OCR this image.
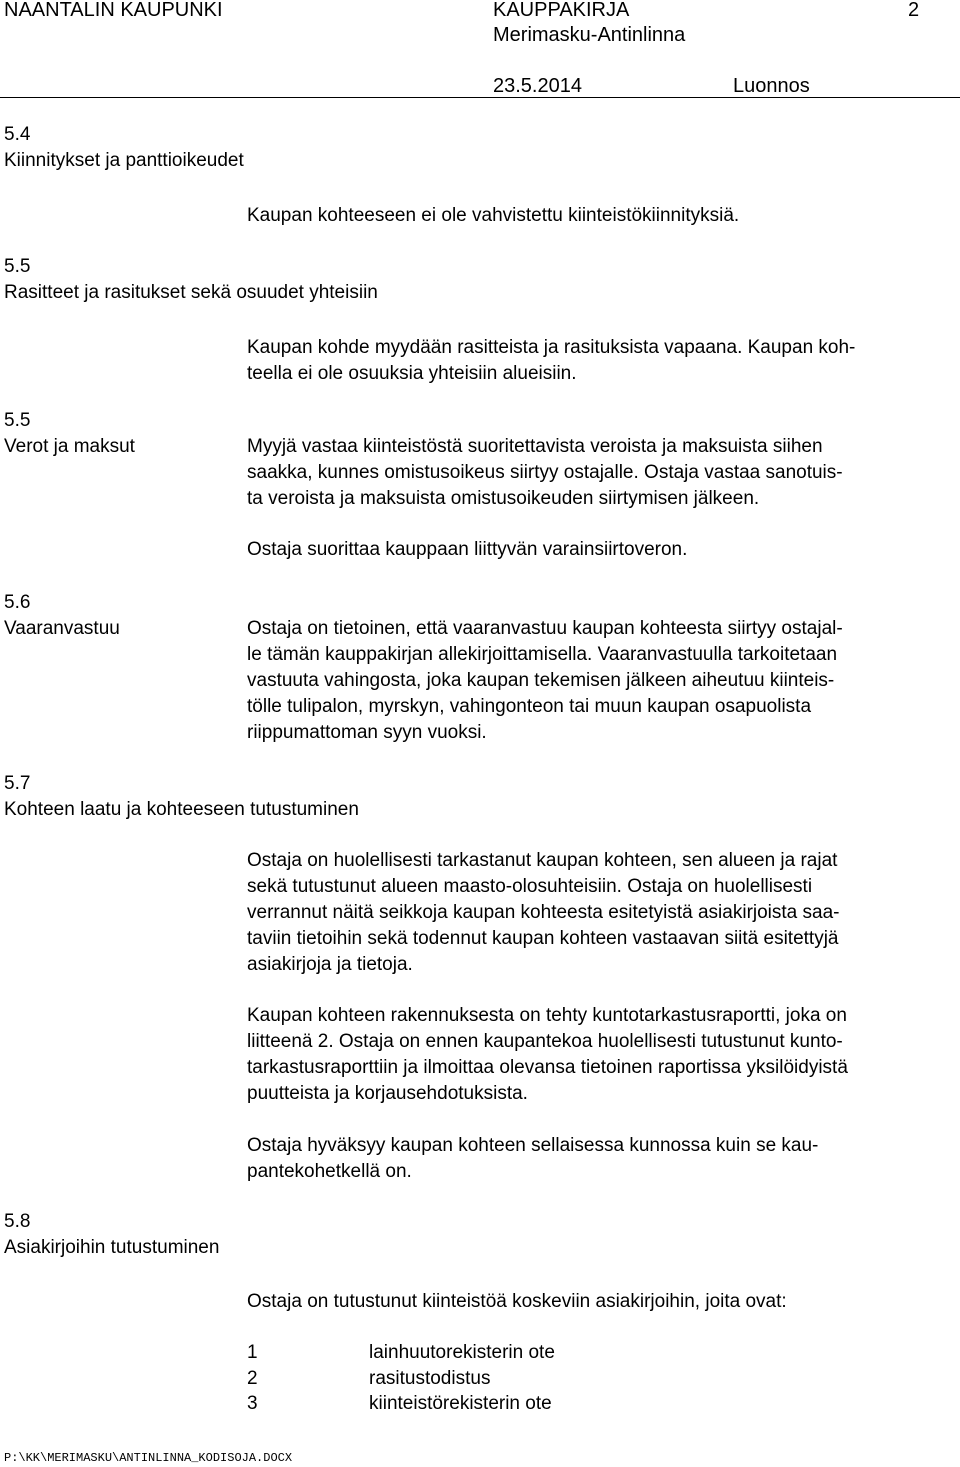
NAANTALIN KAUPUNKI	KAUPPAKIRJA	2
Merimasku-Antinlinna
23.5.2014	Luonnos
5.4
Kiinnitykset ja panttioikeudet
Kaupan kohteeseen ei ole vahvistettu kiinteistökiinnityksiä.
5.5
Rasitteet ja rasitukset sekä osuudet yhteisiin
Kaupan kohde myydään rasitteista ja rasituksista vapaana. Kaupan koh-
teella ei ole osuuksia yhteisiin alueisiin.
5.5
Verot ja maksut	Myyjä vastaa kiinteistöstä suoritettavista veroista ja maksuista siihen
saakka, kunnes omistusoikeus siirtyy ostajalle. Ostaja vastaa sanotuis-
ta veroista ja maksuista omistusoikeuden siirtymisen jälkeen.
Ostaja suorittaa kauppaan liittyvän varainsiirtoveron.
5.6
Vaaranvastuu	Ostaja on tietoinen, että vaaranvastuu kaupan kohteesta siirtyy ostajal-
le tämän kauppakirjan allekirjoittamisella. Vaaranvastuulla tarkoitetaan
vastuuta vahingosta, joka kaupan tekemisen jälkeen aiheutuu kiinteis-
tölle tulipalon, myrskyn, vahingonteon tai muun kaupan osapuolista
riippumattoman syyn vuoksi.
5.7
Kohteen laatu ja kohteeseen tutustuminen
Ostaja on huolellisesti tarkastanut kaupan kohteen, sen alueen ja rajat
sekä tutustunut alueen maasto-olosuhteisiin. Ostaja on huolellisesti
verrannut näitä seikkoja kaupan kohteesta esitetyistä asiakirjoista saa-
taviin tietoihin sekä todennut kaupan kohteen vastaavan siitä esitettyjä
asiakirjoja ja tietoja.
Kaupan kohteen rakennuksesta on tehty kuntotarkastusraportti, joka on
liitteenä 2. Ostaja on ennen kaupantekoa huolellisesti tutustunut kunto-
tarkastusraporttiin ja ilmoittaa olevansa tietoinen raportissa yksilöidyistä
puutteista ja korjausehdotuksista.
Ostaja hyväksyy kaupan kohteen sellaisessa kunnossa kuin se kau-
pantekohetkellä on.
5.8
Asiakirjoihin tutustuminen
Ostaja on tutustunut kiinteistöä koskeviin asiakirjoihin, joita ovat:
1	lainhuutorekisterin ote
2	rasitustodistus
3	kiinteistörekisterin ote
P:\KK\MERIMASKU\ANTINLINNA_KODISOJA.DOCX
